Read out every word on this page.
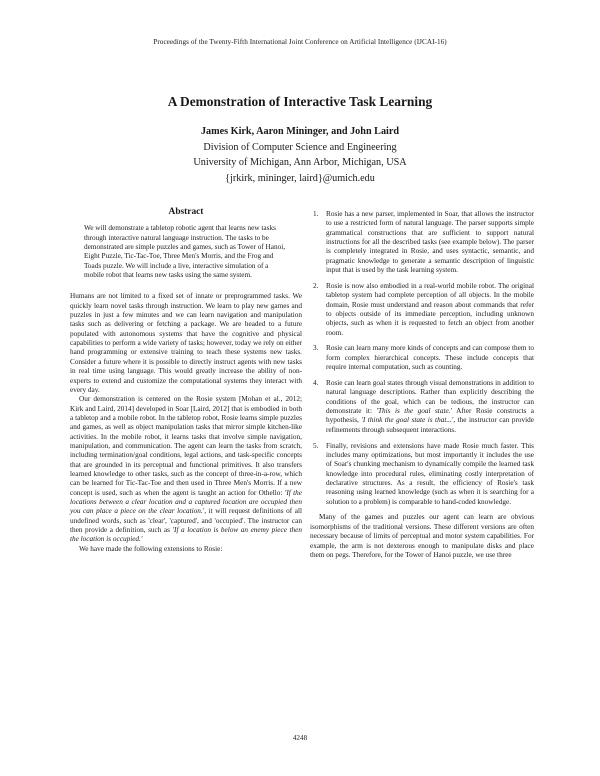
Proceedings of the Twenty-Fifth International Joint Conference on Artificial Intelligence (IJCAI-16)
A Demonstration of Interactive Task Learning
James Kirk, Aaron Mininger, and John Laird
Division of Computer Science and Engineering
University of Michigan, Ann Arbor, Michigan, USA
{jrkirk, mininger, laird}@umich.edu
Abstract

We will demonstrate a tabletop robotic agent that learns new tasks through interactive natural language instruction. The tasks to be demonstrated are simple puzzles and games, such as Tower of Hanoi, Eight Puzzle, Tic-Tac-Toe, Three Men's Morris, and the Frog and Toads puzzle. We will include a live, interactive simulation of a mobile robot that learns new tasks using the same system.

Humans are not limited to a fixed set of innate or preprogrammed tasks. We quickly learn novel tasks through instruction. We learn to play new games and puzzles in just a few minutes and we can learn navigation and manipulation tasks such as delivering or fetching a package. We are headed to a future populated with autonomous systems that have the cognitive and physical capabilities to perform a wide variety of tasks; however, today we rely on either hand programming or extensive training to teach these systems new tasks. Consider a future where it is possible to directly instruct agents with new tasks in real time using language. This would greatly increase the ability of non-experts to extend and customize the computational systems they interact with every day.

Our demonstration is centered on the Rosie system [Mohan et al., 2012; Kirk and Laird, 2014] developed in Soar [Laird, 2012] that is embodied in both a tabletop and a mobile robot. In the tabletop robot, Rosie learns simple puzzles and games, as well as object manipulation tasks that mirror simple kitchen-like activities. In the mobile robot, it learns tasks that involve simple navigation, manipulation, and communication. The agent can learn the tasks from scratch, including termination/goal conditions, legal actions, and task-specific concepts that are grounded in its perceptual and functional primitives. It also transfers learned knowledge to other tasks, such as the concept of three-in-a-row, which can be learned for Tic-Tac-Toe and then used in Three Men's Morris. If a new concept is used, such as when the agent is taught an action for Othello: 'If the locations between a clear location and a captured location are occupied then you can place a piece on the clear location.', it will request definitions of all undefined words, such as 'clear', 'captured', and 'occupied'. The instructor can then provide a definition, such as 'If a location is below an enemy piece then the location is occupied.'

We have made the following extensions to Rosie:

1. Rosie has a new parser, implemented in Soar, that allows the instructor to use a restricted form of natural language. The parser supports simple grammatical constructions that are sufficient to support natural instructions for all the described tasks (see example below). The parser is completely integrated in Rosie, and uses syntactic, semantic, and pragmatic knowledge to generate a semantic description of linguistic input that is used by the task learning system.
2. Rosie is now also embodied in a real-world mobile robot. The original tabletop system had complete perception of all objects. In the mobile domain, Rosie must understand and reason about commands that refer to objects outside of its immediate perception, including unknown objects, such as when it is requested to fetch an object from another room.
3. Rosie can learn many more kinds of concepts and can compose them to form complex hierarchical concepts. These include concepts that require internal computation, such as counting.
4. Rosie can learn goal states through visual demonstrations in addition to natural language descriptions. Rather than explicitly describing the conditions of the goal, which can be tedious, the instructor can demonstrate it: 'This is the goal state.' After Rosie constructs a hypothesis, 'I think the goal state is that...', the instructor can provide refinements through subsequent interactions.
5. Finally, revisions and extensions have made Rosie much faster. This includes many optimizations, but most importantly it includes the use of Soar's chunking mechanism to dynamically compile the learned task knowledge into procedural rules, eliminating costly interpretation of declarative structures. As a result, the efficiency of Rosie's task reasoning using learned knowledge (such as when it is searching for a solution to a problem) is comparable to hand-coded knowledge.

Many of the games and puzzles our agent can learn are obvious isomorphisms of the traditional versions. These different versions are often necessary because of limits of perceptual and motor system capabilities. For example, the arm is not dexterous enough to manipulate disks and place them on pegs. Therefore, for the Tower of Hanoi puzzle, we use three

4248
